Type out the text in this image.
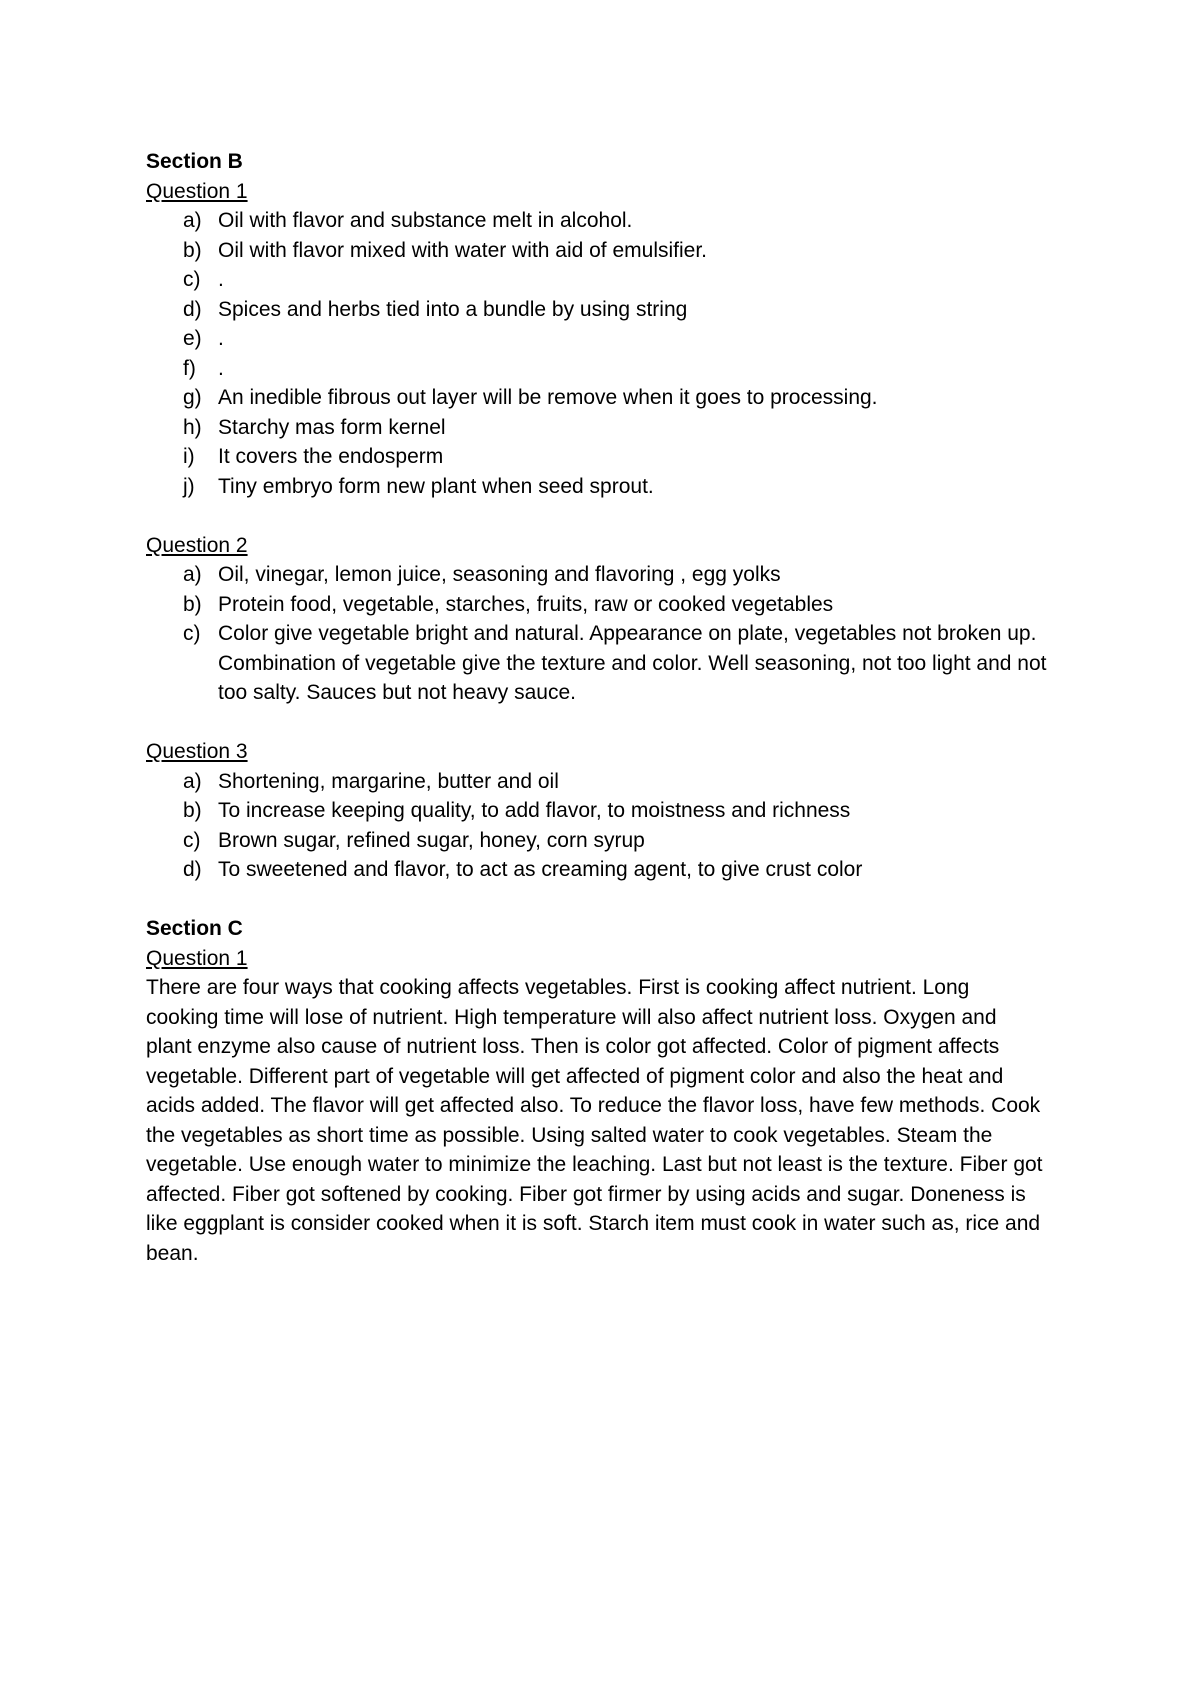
Section B
Question 1
a) Oil with flavor and substance melt in alcohol.
b) Oil with flavor mixed with water with aid of emulsifier.
c) .
d) Spices and herbs tied into a bundle by using string
e) .
f)	.
g) An inedible fibrous out layer will be remove when it goes to processing.
h) Starchy mas form kernel
i)	It covers the endosperm
j)	Tiny embryo form new plant when seed sprout.
Question 2
a) Oil, vinegar, lemon juice, seasoning and flavoring , egg yolks
b) Protein food, vegetable, starches, fruits, raw or cooked vegetables
c) Color give vegetable bright and natural. Appearance on plate, vegetables not broken up. Combination of vegetable give the texture and color. Well seasoning, not too light and not too salty. Sauces but not heavy sauce.
Question 3
a) Shortening, margarine, butter and oil
b) To increase keeping quality, to add flavor, to moistness and richness
c) Brown sugar, refined sugar, honey, corn syrup
d) To sweetened and flavor, to act as creaming agent, to give crust color
Section C
Question 1
There are four ways that cooking affects vegetables. First is cooking affect nutrient. Long cooking time will lose of nutrient. High temperature will also affect nutrient loss. Oxygen and plant enzyme also cause of nutrient loss. Then is color got affected. Color of pigment affects vegetable. Different part of vegetable will get affected of pigment color and also the heat and acids added. The flavor will get affected also. To reduce the flavor loss, have few methods. Cook the vegetables as short time as possible. Using salted water to cook vegetables. Steam the vegetable. Use enough water to minimize the leaching. Last but not least is the texture. Fiber got affected. Fiber got softened by cooking. Fiber got firmer by using acids and sugar. Doneness is like eggplant is consider cooked when it is soft. Starch item must cook in water such as, rice and bean.
